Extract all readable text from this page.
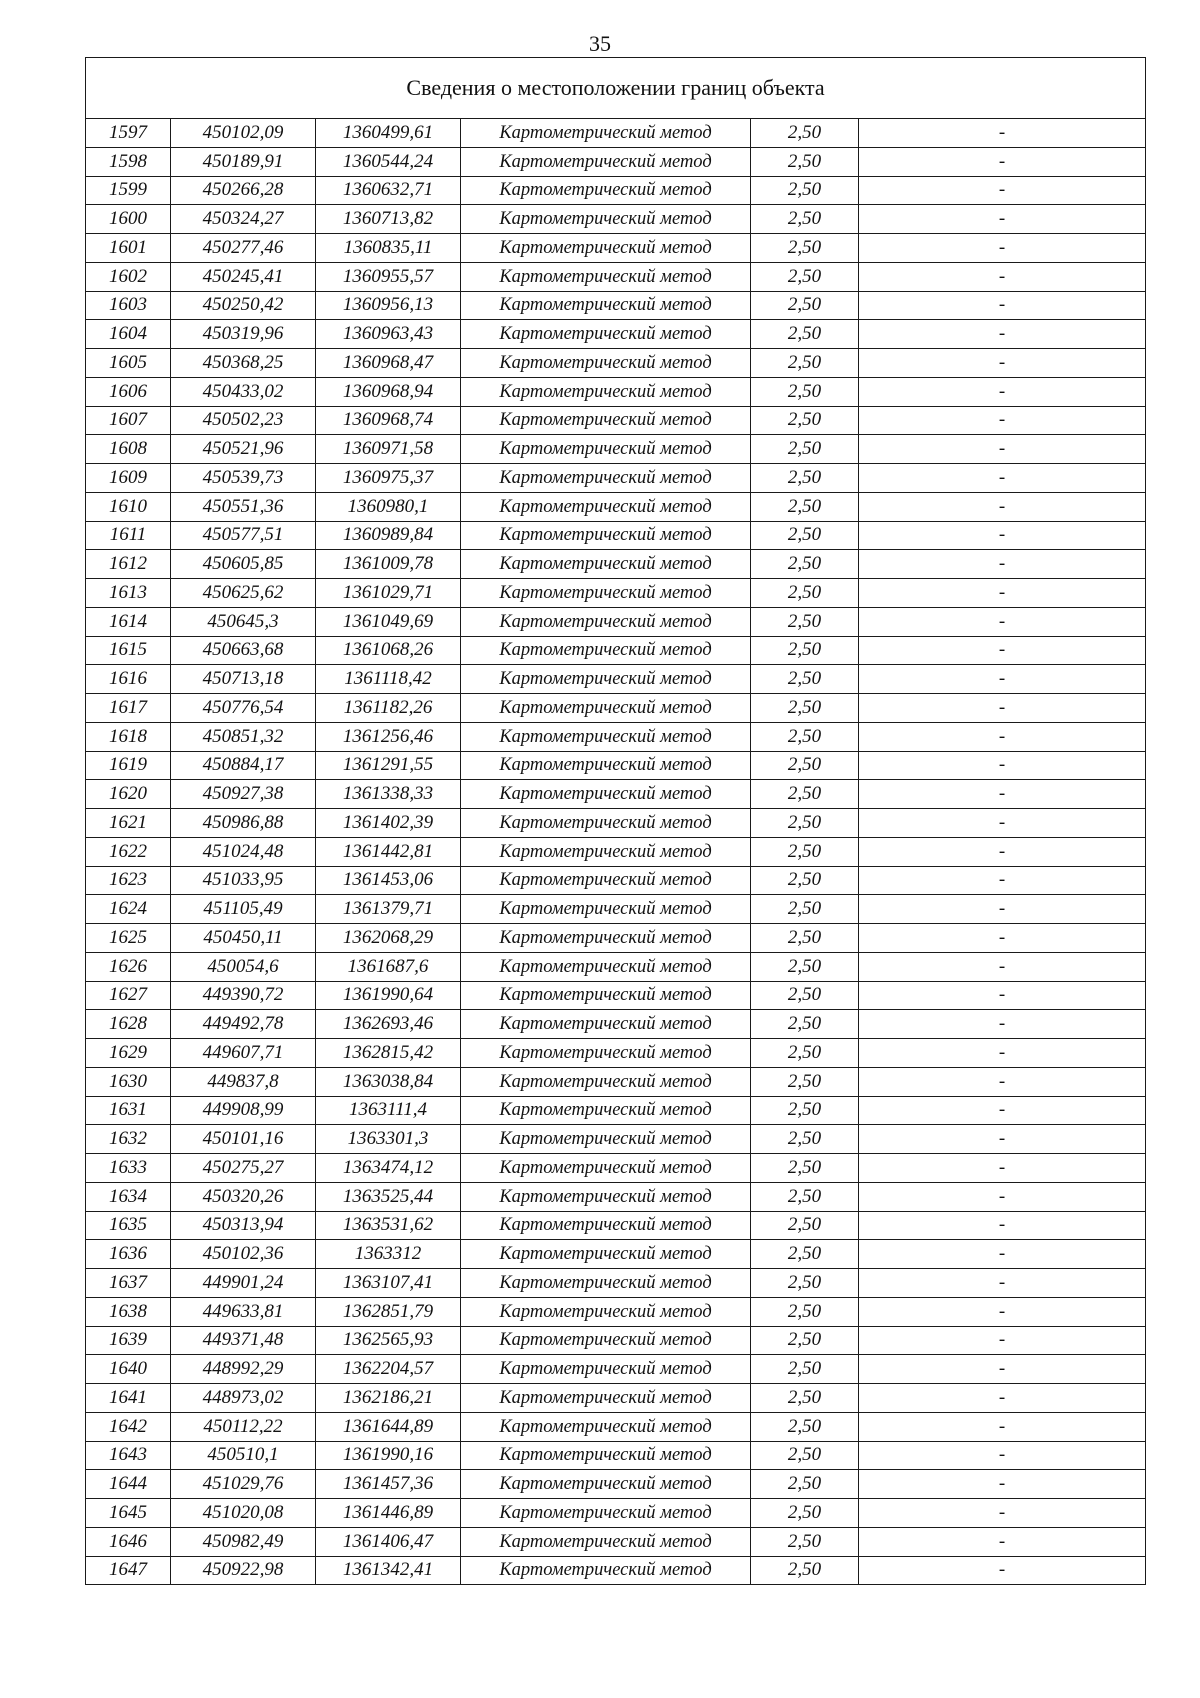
35
Сведения о местоположении границ объекта					
1597	450102,09	1360499,61	Картометрический метод	2,50	-
1598	450189,91	1360544,24	Картометрический метод	2,50	-
1599	450266,28	1360632,71	Картометрический метод	2,50	-
1600	450324,27	1360713,82	Картометрический метод	2,50	-
1601	450277,46	1360835,11	Картометрический метод	2,50	-
1602	450245,41	1360955,57	Картометрический метод	2,50	-
1603	450250,42	1360956,13	Картометрический метод	2,50	-
1604	450319,96	1360963,43	Картометрический метод	2,50	-
1605	450368,25	1360968,47	Картометрический метод	2,50	-
1606	450433,02	1360968,94	Картометрический метод	2,50	-
1607	450502,23	1360968,74	Картометрический метод	2,50	-
1608	450521,96	1360971,58	Картометрический метод	2,50	-
1609	450539,73	1360975,37	Картометрический метод	2,50	-
1610	450551,36	1360980,1	Картометрический метод	2,50	-
1611	450577,51	1360989,84	Картометрический метод	2,50	-
1612	450605,85	1361009,78	Картометрический метод	2,50	-
1613	450625,62	1361029,71	Картометрический метод	2,50	-
1614	450645,3	1361049,69	Картометрический метод	2,50	-
1615	450663,68	1361068,26	Картометрический метод	2,50	-
1616	450713,18	1361118,42	Картометрический метод	2,50	-
1617	450776,54	1361182,26	Картометрический метод	2,50	-
1618	450851,32	1361256,46	Картометрический метод	2,50	-
1619	450884,17	1361291,55	Картометрический метод	2,50	-
1620	450927,38	1361338,33	Картометрический метод	2,50	-
1621	450986,88	1361402,39	Картометрический метод	2,50	-
1622	451024,48	1361442,81	Картометрический метод	2,50	-
1623	451033,95	1361453,06	Картометрический метод	2,50	-
1624	451105,49	1361379,71	Картометрический метод	2,50	-
1625	450450,11	1362068,29	Картометрический метод	2,50	-
1626	450054,6	1361687,6	Картометрический метод	2,50	-
1627	449390,72	1361990,64	Картометрический метод	2,50	-
1628	449492,78	1362693,46	Картометрический метод	2,50	-
1629	449607,71	1362815,42	Картометрический метод	2,50	-
1630	449837,8	1363038,84	Картометрический метод	2,50	-
1631	449908,99	1363111,4	Картометрический метод	2,50	-
1632	450101,16	1363301,3	Картометрический метод	2,50	-
1633	450275,27	1363474,12	Картометрический метод	2,50	-
1634	450320,26	1363525,44	Картометрический метод	2,50	-
1635	450313,94	1363531,62	Картометрический метод	2,50	-
1636	450102,36	1363312	Картометрический метод	2,50	-
1637	449901,24	1363107,41	Картометрический метод	2,50	-
1638	449633,81	1362851,79	Картометрический метод	2,50	-
1639	449371,48	1362565,93	Картометрический метод	2,50	-
1640	448992,29	1362204,57	Картометрический метод	2,50	-
1641	448973,02	1362186,21	Картометрический метод	2,50	-
1642	450112,22	1361644,89	Картометрический метод	2,50	-
1643	450510,1	1361990,16	Картометрический метод	2,50	-
1644	451029,76	1361457,36	Картометрический метод	2,50	-
1645	451020,08	1361446,89	Картометрический метод	2,50	-
1646	450982,49	1361406,47	Картометрический метод	2,50	-
1647	450922,98	1361342,41	Картометрический метод	2,50	-
